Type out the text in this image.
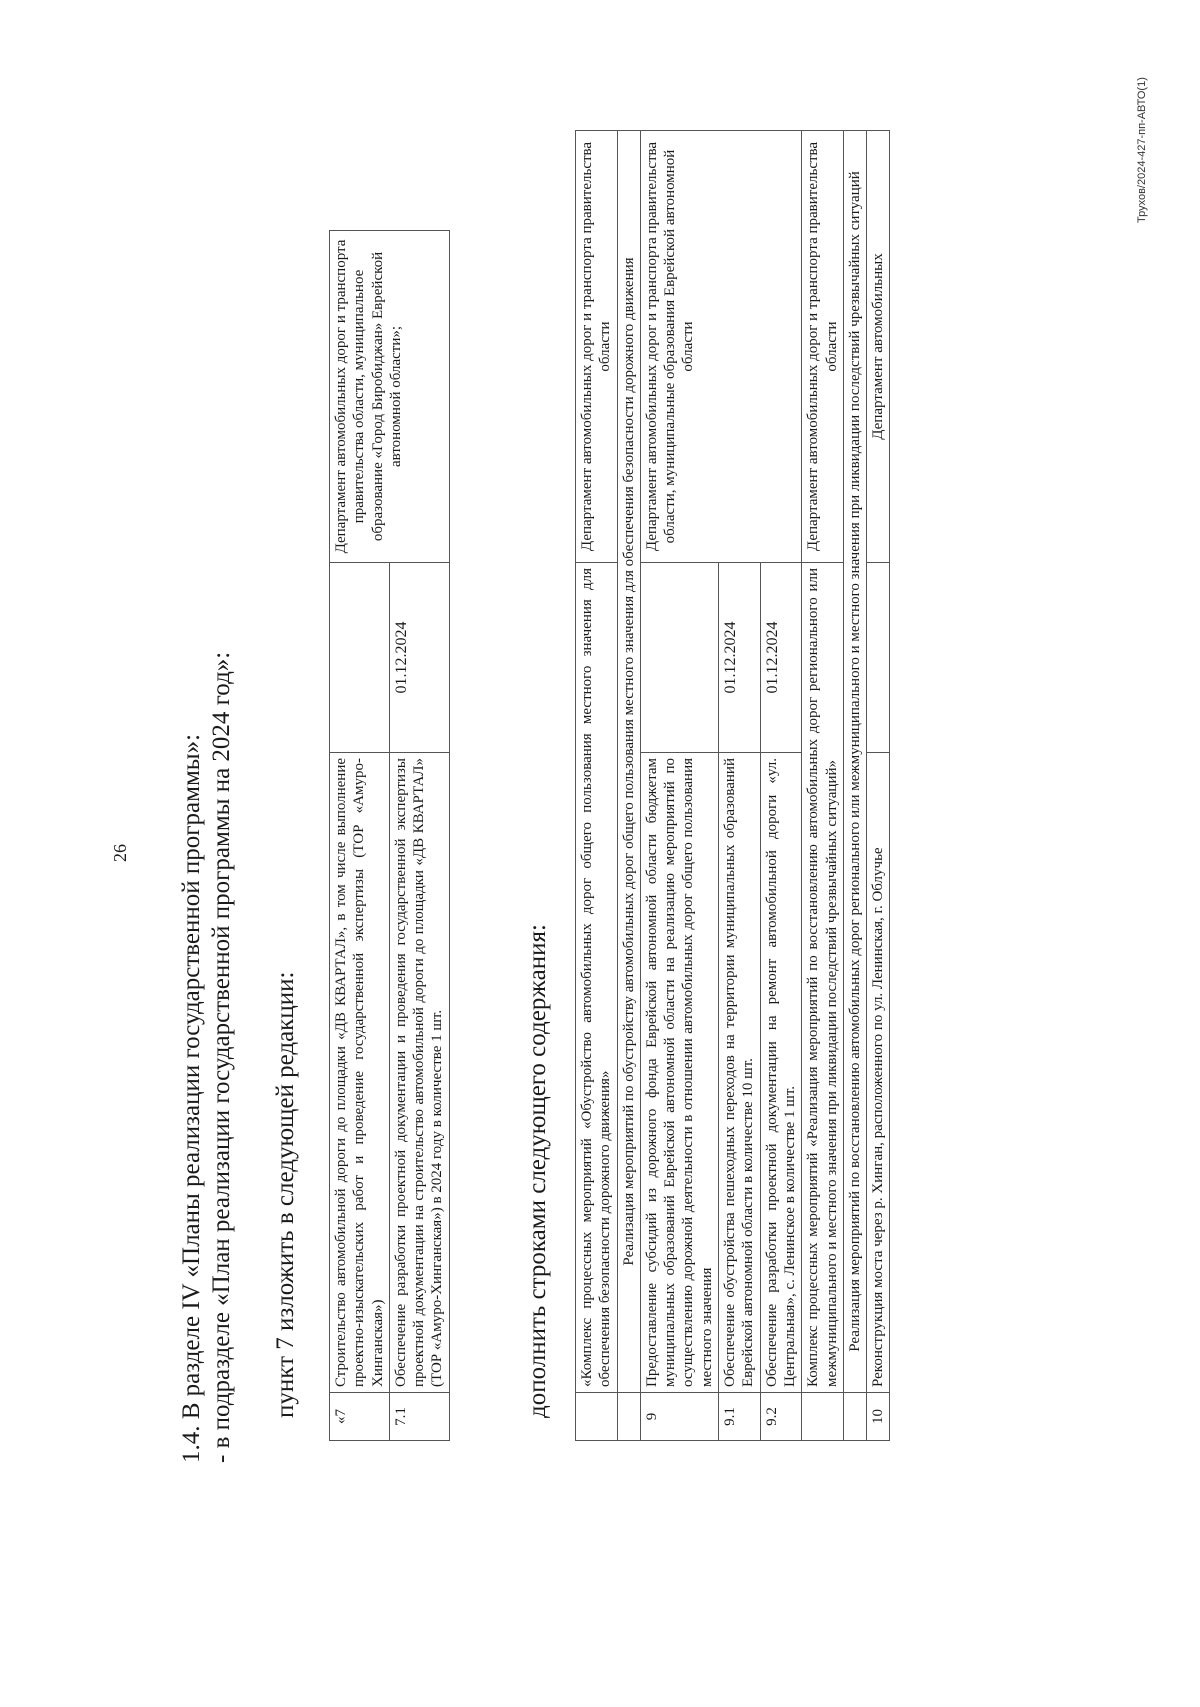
26 1.4. В разделе IV «Планы реализации государственной программы»: - в подразделе «План реализации государственной программы на 2024 год»: пункт 7 изложить в следующей редакции: «7	Строительство автомобильной дороги до площадки «ДВ КВАРТАЛ», в том числе выполнение проектно-изыскательских работ и проведение государственной экспертизы (ТОР «Амуро-Хинганская»)		Департамент автомобильных дорог и транспорта правительства области, муниципальное образование «Город Биробиджан» Еврейской автономной области»;
7.1	Обеспечение разработки проектной документации и проведения государственной экспертизы проектной документации на строительство автомобильной дороги до площадки «ДВ КВАРТАЛ» (ТОР «Амуро-Хинганская») в 2024 году в количестве 1 шт.	01.12.2024	
дополнить строками следующего содержания:
	«Комплекс процессных мероприятий «Обустройство автомобильных дорог общего пользования местного значения для обеспечения безопасности дорожного движения»		Департамент автомобильных дорог и транспорта правительства области
	Реализация мероприятий по обустройству автомобильных дорог общего пользования местного значения для обеспечения безопасности дорожного движения		
9	Предоставление субсидий из дорожного фонда Еврейской автономной области бюджетам муниципальных образований Еврейской автономной области на реализацию мероприятий по осуществлению дорожной деятельности в отношении автомобильных дорог общего пользования местного значения		Департамент автомобильных дорог и транспорта правительства области, муниципальные образования Еврейской автономной области
9.1	Обеспечение обустройства пешеходных переходов на территории муниципальных образований Еврейской автономной области в количестве 10 шт.	01.12.2024	
9.2	Обеспечение разработки проектной документации на ремонт автомобильной дороги «ул. Центральная», с. Ленинское в количестве 1 шт.	01.12.2024	
	Комплекс процессных мероприятий «Реализация мероприятий по восстановлению автомобильных дорог регионального или межмуниципального и местного значения при ликвидации последствий чрезвычайных ситуаций»		Департамент автомобильных дорог и транспорта правительства области
	Реализация мероприятий по восстановлению автомобильных дорог регионального или межмуниципального и местного значения при ликвидации последствий чрезвычайных ситуаций		
10	Реконструкция моста через р. Хинган, расположенного по ул. Ленинская, г. Облучье		Департамент автомобильных
Трухов/2024-427-пп-АВТО(1)
